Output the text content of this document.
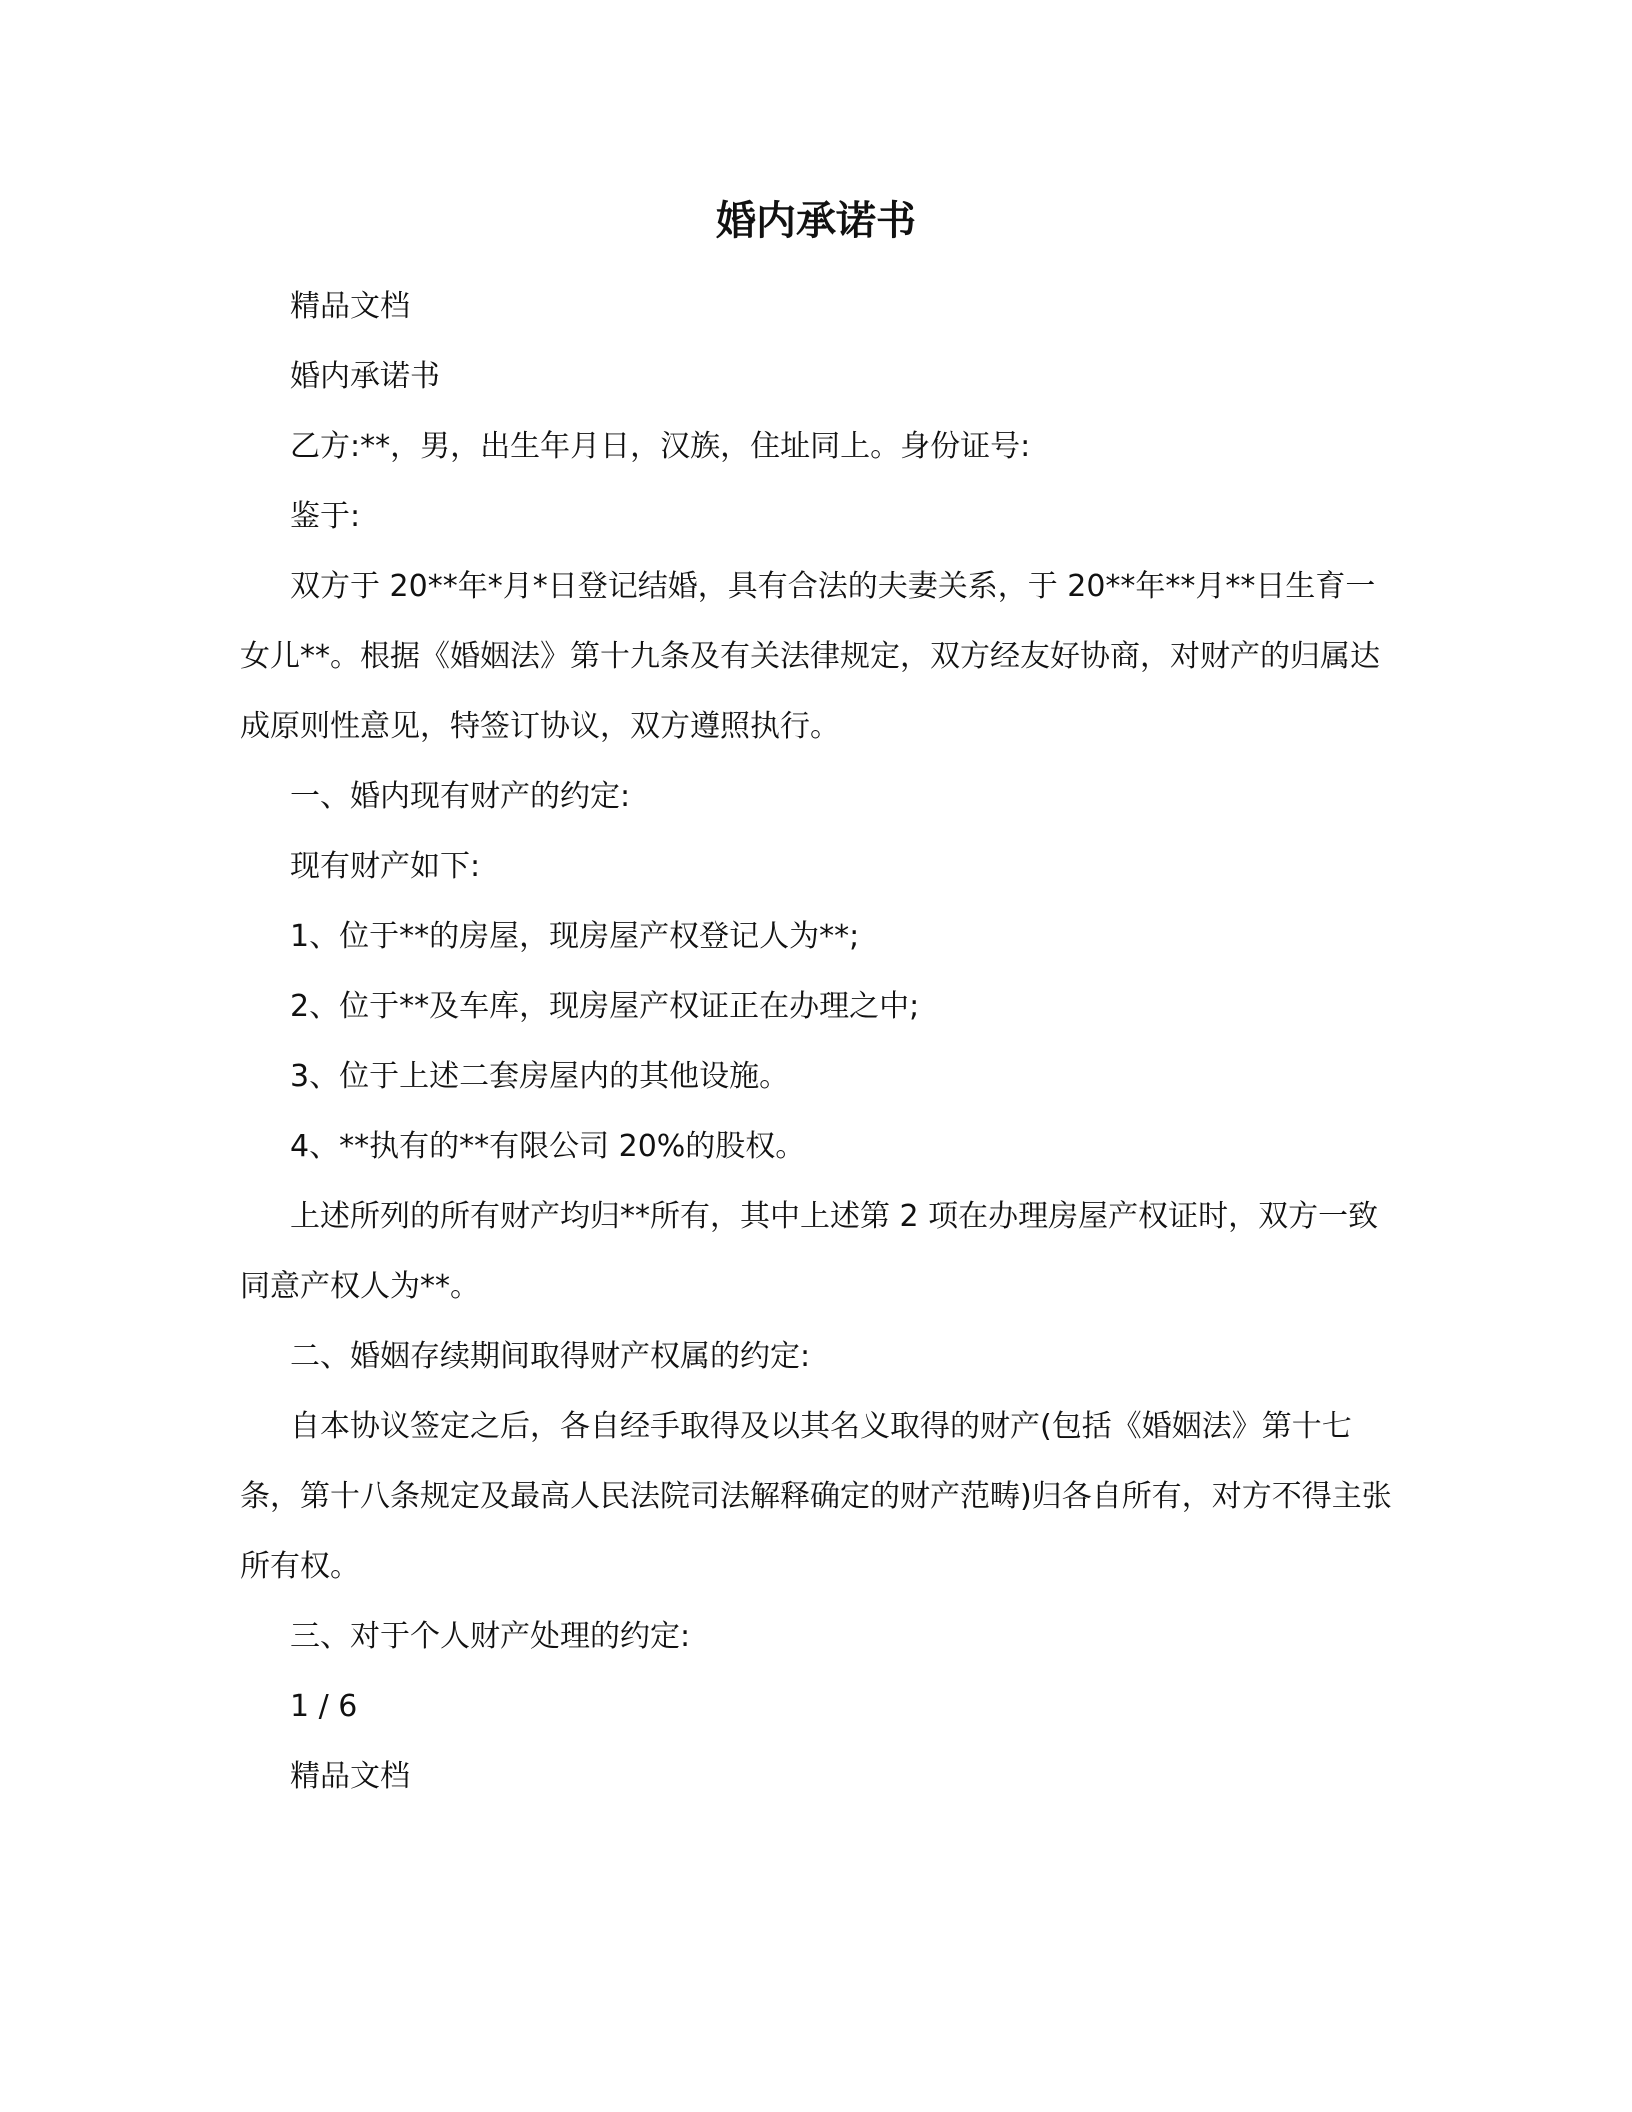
婚内承诺书

精品文档

婚内承诺书

乙方:**，男，出生年月日，汉族，住址同上。身份证号:

鉴于:

双方于 20**年*月*日登记结婚，具有合法的夫妻关系，于 20**年**月**日生育一女儿**。根据《婚姻法》第十九条及有关法律规定，双方经友好协商，对财产的归属达成原则性意见，特签订协议，双方遵照执行。

一、婚内现有财产的约定:

现有财产如下:

1、位于**的房屋，现房屋产权登记人为**;

2、位于**及车库，现房屋产权证正在办理之中;

3、位于上述二套房屋内的其他设施。

4、**执有的**有限公司 20%的股权。

上述所列的所有财产均归**所有，其中上述第 2 项在办理房屋产权证时，双方一致同意产权人为**。

二、婚姻存续期间取得财产权属的约定:

自本协议签定之后，各自经手取得及以其名义取得的财产(包括《婚姻法》第十七条，第十八条规定及最高人民法院司法解释确定的财产范畴)归各自所有，对方不得主张所有权。

三、对于个人财产处理的约定:

1 / 6

精品文档
